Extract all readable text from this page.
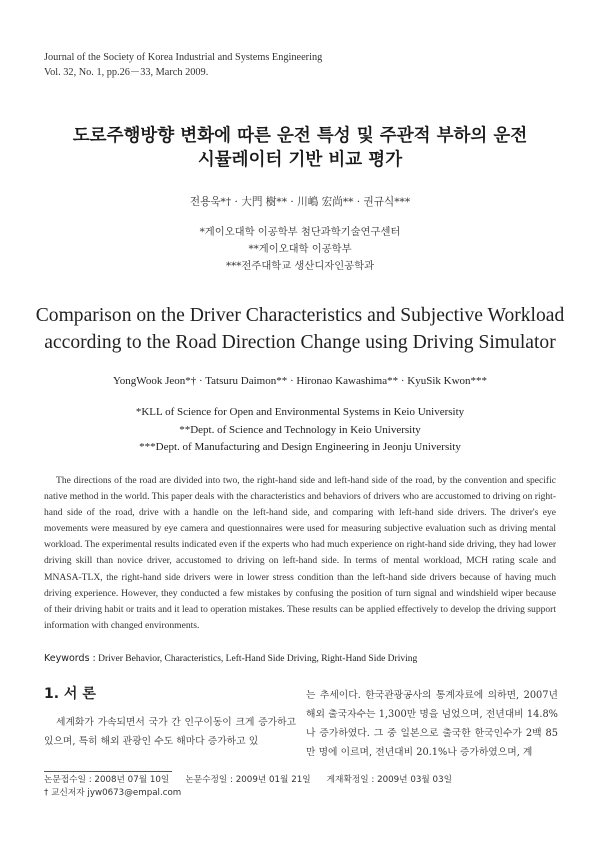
Journal of the Society of Korea Industrial and Systems Engineering
Vol. 32, No. 1, pp.26－33, March 2009.
도로주행방향 변화에 따른 운전 특성 및 주관적 부하의 운전
시뮬레이터 기반 비교 평가
전용욱*† · 大門 樹** · 川嶋 宏尚** · 권규식***
*게이오대학 이공학부 첨단과학기술연구센터
**게이오대학 이공학부
***전주대학교 생산디자인공학과
Comparison on the Driver Characteristics and Subjective Workload
according to the Road Direction Change using Driving Simulator
YongWook Jeon*† · Tatsuru Daimon** · Hironao Kawashima** · KyuSik Kwon***
*KLL of Science for Open and Environmental Systems in Keio University
**Dept. of Science and Technology in Keio University
***Dept. of Manufacturing and Design Engineering in Jeonju University

The directions of the road are divided into two, the right-hand side and left-hand side of the road, by the convention and specific native method in the world. This paper deals with the characteristics and behaviors of drivers who are accustomed to driving on right-hand side of the road, drive with a handle on the left-hand side, and comparing with left-hand side drivers. The driver's eye movements were measured by eye camera and questionnaires were used for measuring subjective evaluation such as driving mental workload. The experimental results indicated even if the experts who had much experience on right-hand side driving, they had lower driving skill than novice driver, accustomed to driving on left-hand side. In terms of mental workload, MCH rating scale and MNASA-TLX, the right-hand side drivers were in lower stress condition than the left-hand side drivers because of having much driving experience. However, they conducted a few mistakes by confusing the position of turn signal and windshield wiper because of their driving habit or traits and it lead to operation mistakes. These results can be applied effectively to develop the driving support information with changed environments.

Keywords : Driver Behavior, Characteristics, Left-Hand Side Driving, Right-Hand Side Driving
1. 서 론

세계화가 가속되면서 국가 간 인구이동이 크게 증가하고 있으며, 특히 해외 관광인 수도 해마다 증가하고 있

는 추세이다. 한국관광공사의 통계자료에 의하면, 2007년 해외 출국자수는 1,300만 명을 넘었으며, 전년대비 14.8%나 증가하였다. 그 중 일본으로 출국한 한국인수가 2백 85만 명에 이르며, 전년대비 20.1%나 증가하였으며, 계

논문접수일 : 2008년 07월 10일 논문수정일 : 2009년 01월 21일 게재확정일 : 2009년 03월 03일
† 교신저자 jyw0673@empal.com
